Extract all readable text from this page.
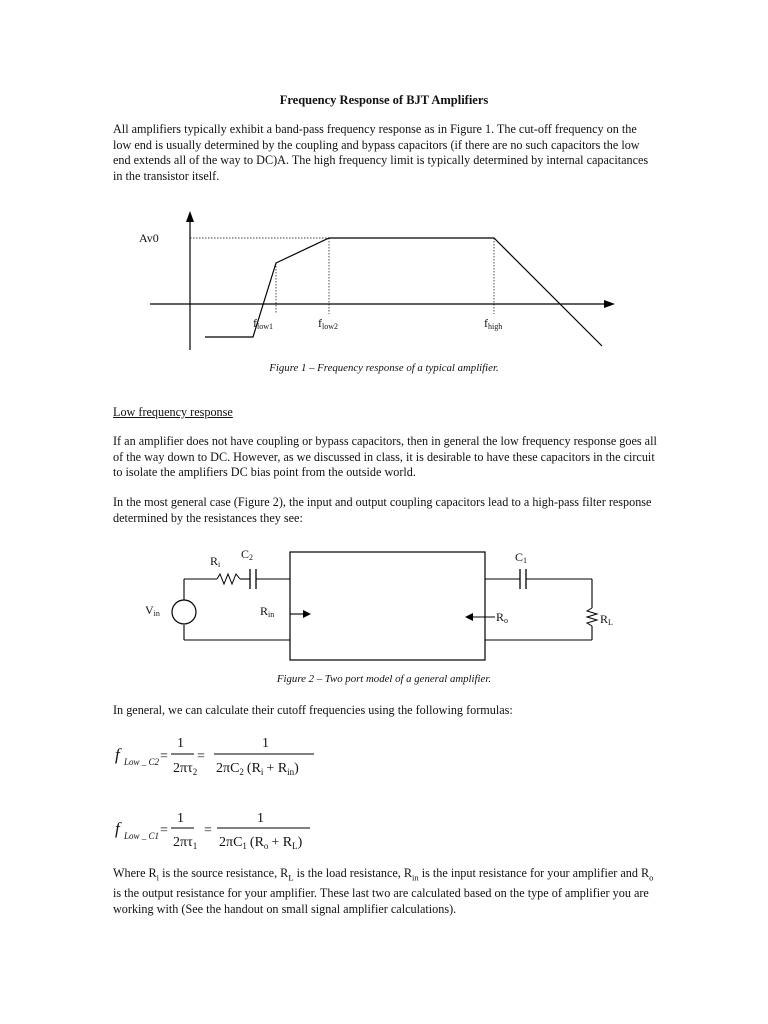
Frequency Response of BJT Amplifiers

All amplifiers typically exhibit a band-pass frequency response as in Figure 1. The cut-off frequency on the low end is usually determined by the coupling and bypass capacitors (if there are no such capacitors the low end extends all of the way to DC)A. The high frequency limit is typically determined by internal capacitances in the transistor itself.

Av0
flow1	flow2	fhigh
Figure 1 – Frequency response of a typical amplifier.
Low frequency response

If an amplifier does not have coupling or bypass capacitors, then in general the low frequency response goes all of the way down to DC. However, as we discussed in class, it is desirable to have these capacitors in the circuit to isolate the amplifiers DC bias point from the outside world.

In the most general case (Figure 2), the input and output coupling capacitors lead to a high-pass filter response determined by the resistances they see:

Ri
C2	C1
Vin	Rin	Ro	RL
Figure 2 – Two port model of a general amplifier.

In general, we can calculate their cutoff frequencies using the following formulas:

f Low _ C2 =
1
$2\pi\tau_2$
=
1
$2\pi C_2$ $(R_i + R_{in})$
f Low _ C1 =
1
$2\pi\tau_1$
=
1
$2\pi C_1$ $(R_o + R_L)$

Where $R_i$ is the source resistance, $R_L$ is the load resistance, $R_{in}$ is the input resistance for your amplifier and $R_o$ is the output resistance for your amplifier. These last two are calculated based on the type of amplifier you are working with (See the handout on small signal amplifier calculations).
